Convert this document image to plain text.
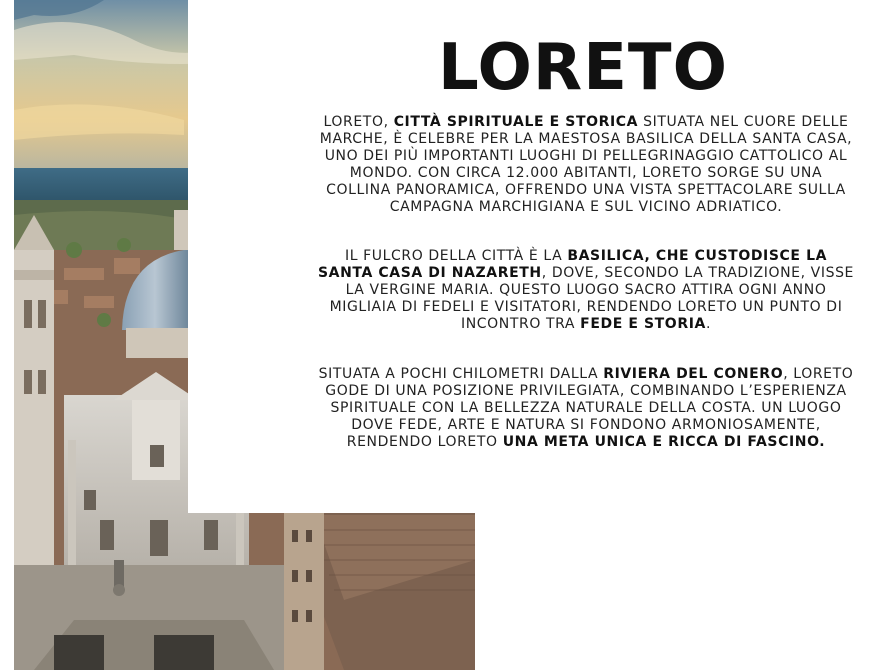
LORETO

LORETO, CITTÀ SPIRITUALE E STORICA SITUATA NEL CUORE DELLE MARCHE, È CELEBRE PER LA MAESTOSA BASILICA DELLA SANTA CASA, UNO DEI PIÙ IMPORTANTI LUOGHI DI PELLEGRINAGGIO CATTOLICO AL MONDO. CON CIRCA 12.000 ABITANTI, LORETO SORGE SU UNA COLLINA PANORAMICA, OFFRENDO UNA VISTA SPETTACOLARE SULLA CAMPAGNA MARCHIGIANA E SUL VICINO ADRIATICO.

IL FULCRO DELLA CITTÀ È LA BASILICA, CHE CUSTODISCE LA SANTA CASA DI NAZARETH, DOVE, SECONDO LA TRADIZIONE, VISSE LA VERGINE MARIA. QUESTO LUOGO SACRO ATTIRA OGNI ANNO MIGLIAIA DI FEDELI E VISITATORI, RENDENDO LORETO UN PUNTO DI INCONTRO TRA FEDE E STORIA.

SITUATA A POCHI CHILOMETRI DALLA RIVIERA DEL CONERO, LORETO GODE DI UNA POSIZIONE PRIVILEGIATA, COMBINANDO L’ESPERIENZA SPIRITUALE CON LA BELLEZZA NATURALE DELLA COSTA. UN LUOGO DOVE FEDE, ARTE E NATURA SI FONDONO ARMONIOSAMENTE, RENDENDO LORETO UNA META UNICA E RICCA DI FASCINO.
